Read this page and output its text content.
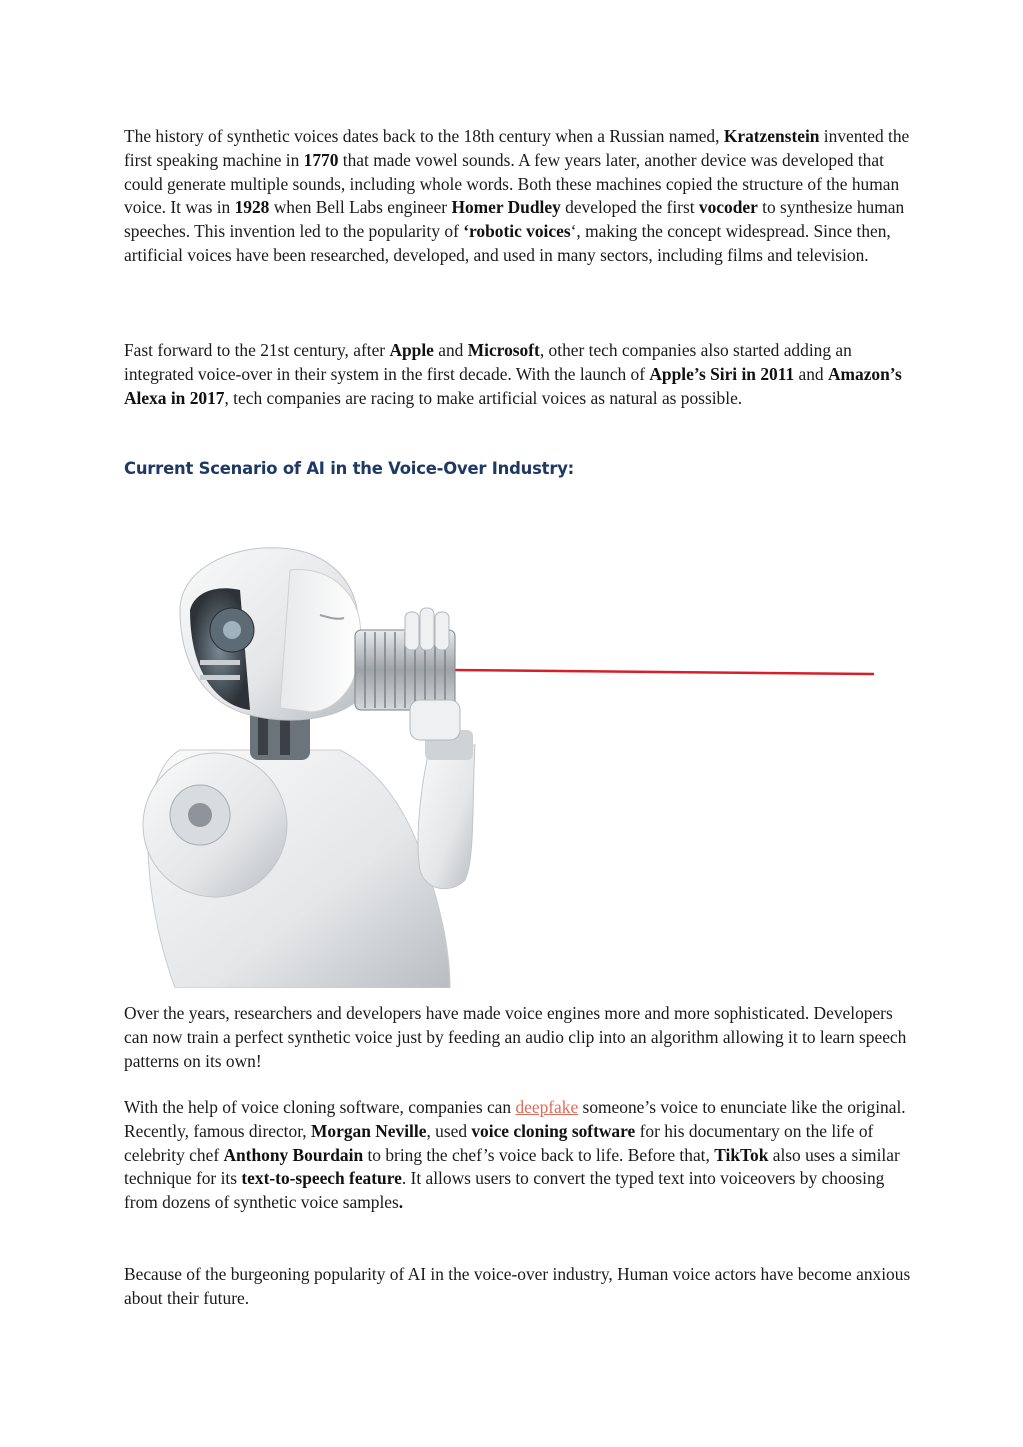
The history of synthetic voices dates back to the 18th century when a Russian named, Kratzenstein invented the first speaking machine in 1770 that made vowel sounds. A few years later, another device was developed that could generate multiple sounds, including whole words. Both these machines copied the structure of the human voice. It was in 1928 when Bell Labs engineer Homer Dudley developed the first vocoder to synthesize human speeches. This invention led to the popularity of ‘robotic voices‘, making the concept widespread. Since then, artificial voices have been researched, developed, and used in many sectors, including films and television.

Fast forward to the 21st century, after Apple and Microsoft, other tech companies also started adding an integrated voice-over in their system in the first decade. With the launch of Apple’s Siri in 2011 and Amazon’s Alexa in 2017, tech companies are racing to make artificial voices as natural as possible.

Current Scenario of AI in the Voice-Over Industry:

Over the years, researchers and developers have made voice engines more and more sophisticated. Developers can now train a perfect synthetic voice just by feeding an audio clip into an algorithm allowing it to learn speech patterns on its own!

With the help of voice cloning software, companies can deepfake someone’s voice to enunciate like the original. Recently, famous director, Morgan Neville, used voice cloning software for his documentary on the life of celebrity chef Anthony Bourdain to bring the chef’s voice back to life. Before that, TikTok also uses a similar technique for its text-to-speech feature. It allows users to convert the typed text into voiceovers by choosing from dozens of synthetic voice samples.

Because of the burgeoning popularity of AI in the voice-over industry, Human voice actors have become anxious about their future.
